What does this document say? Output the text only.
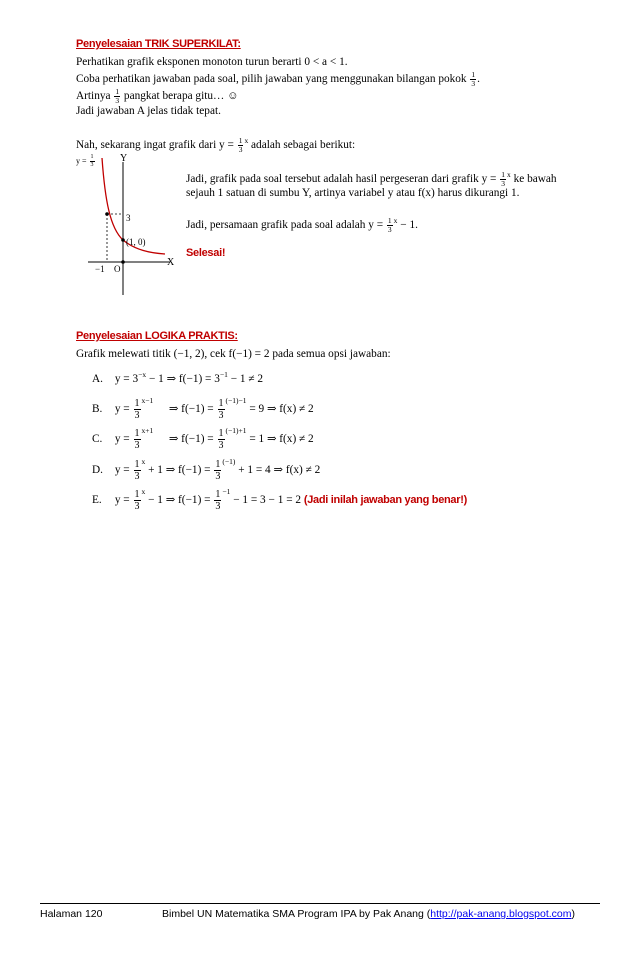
Penyelesaian TRIK SUPERKILAT:
Perhatikan grafik eksponen monoton turun berarti 0 < a < 1.
Coba perhatikan jawaban pada soal, pilih jawaban yang menggunakan bilangan pokok $\frac{1}{3}$ .
Artinya $\frac{1}{3}$ pangkat berapa gitu… ☺
Jadi jawaban A jelas tidak tepat.
Nah, sekarang ingat grafik dari $y = \frac{1}{3} ^x$ adalah sebagai berikut:
$y = \frac{1}{3}$	Y
X
3
(1, 0)
−1 O
Jadi, grafik pada soal tersebut adalah hasil pergeseran dari grafik $y = \frac{1}{3} ^x$ ke bawah
sejauh 1 satuan di sumbu Y, artinya variabel y atau f(x) harus dikurangi 1.
Jadi, persamaan grafik pada soal adalah $y = \frac{1}{3} ^x - 1$.
Selesai!
Penyelesaian LOGIKA PRAKTIS:
Grafik melewati titik (−1, 2), cek f(−1) = 2 pada semua opsi jawaban:
A. $y = 3^{-x} - 1$ ⇒ $f(-1) = 3^{-1} - 1 \ne 2$
B. $y = \frac{1}{3} ^{x-1}$  ⇒ $f(-1) = \frac{1}{3} ^{(-1)-1} = 9$ ⇒ f(x) ≠ 2
C. $y = \frac{1}{3} ^{x+1}$  ⇒ $f(-1) = \frac{1}{3} ^{(-1)+1} = 1$ ⇒ f(x) ≠ 2
D. $y = \frac{1}{3} ^x + 1$ ⇒ $f(-1) = \frac{1}{3} ^{(-1)} + 1 = 4$ ⇒ f(x) ≠ 2
E. $y = \frac{1}{3} ^x - 1$ ⇒ $f(-1) = \frac{1}{3} ^{-1} - 1 = 3 - 1 = 2$ (Jadi inilah jawaban yang benar!)
Halaman 120	Bimbel UN Matematika SMA Program IPA by Pak Anang (http://pak-anang.blogspot.com)
